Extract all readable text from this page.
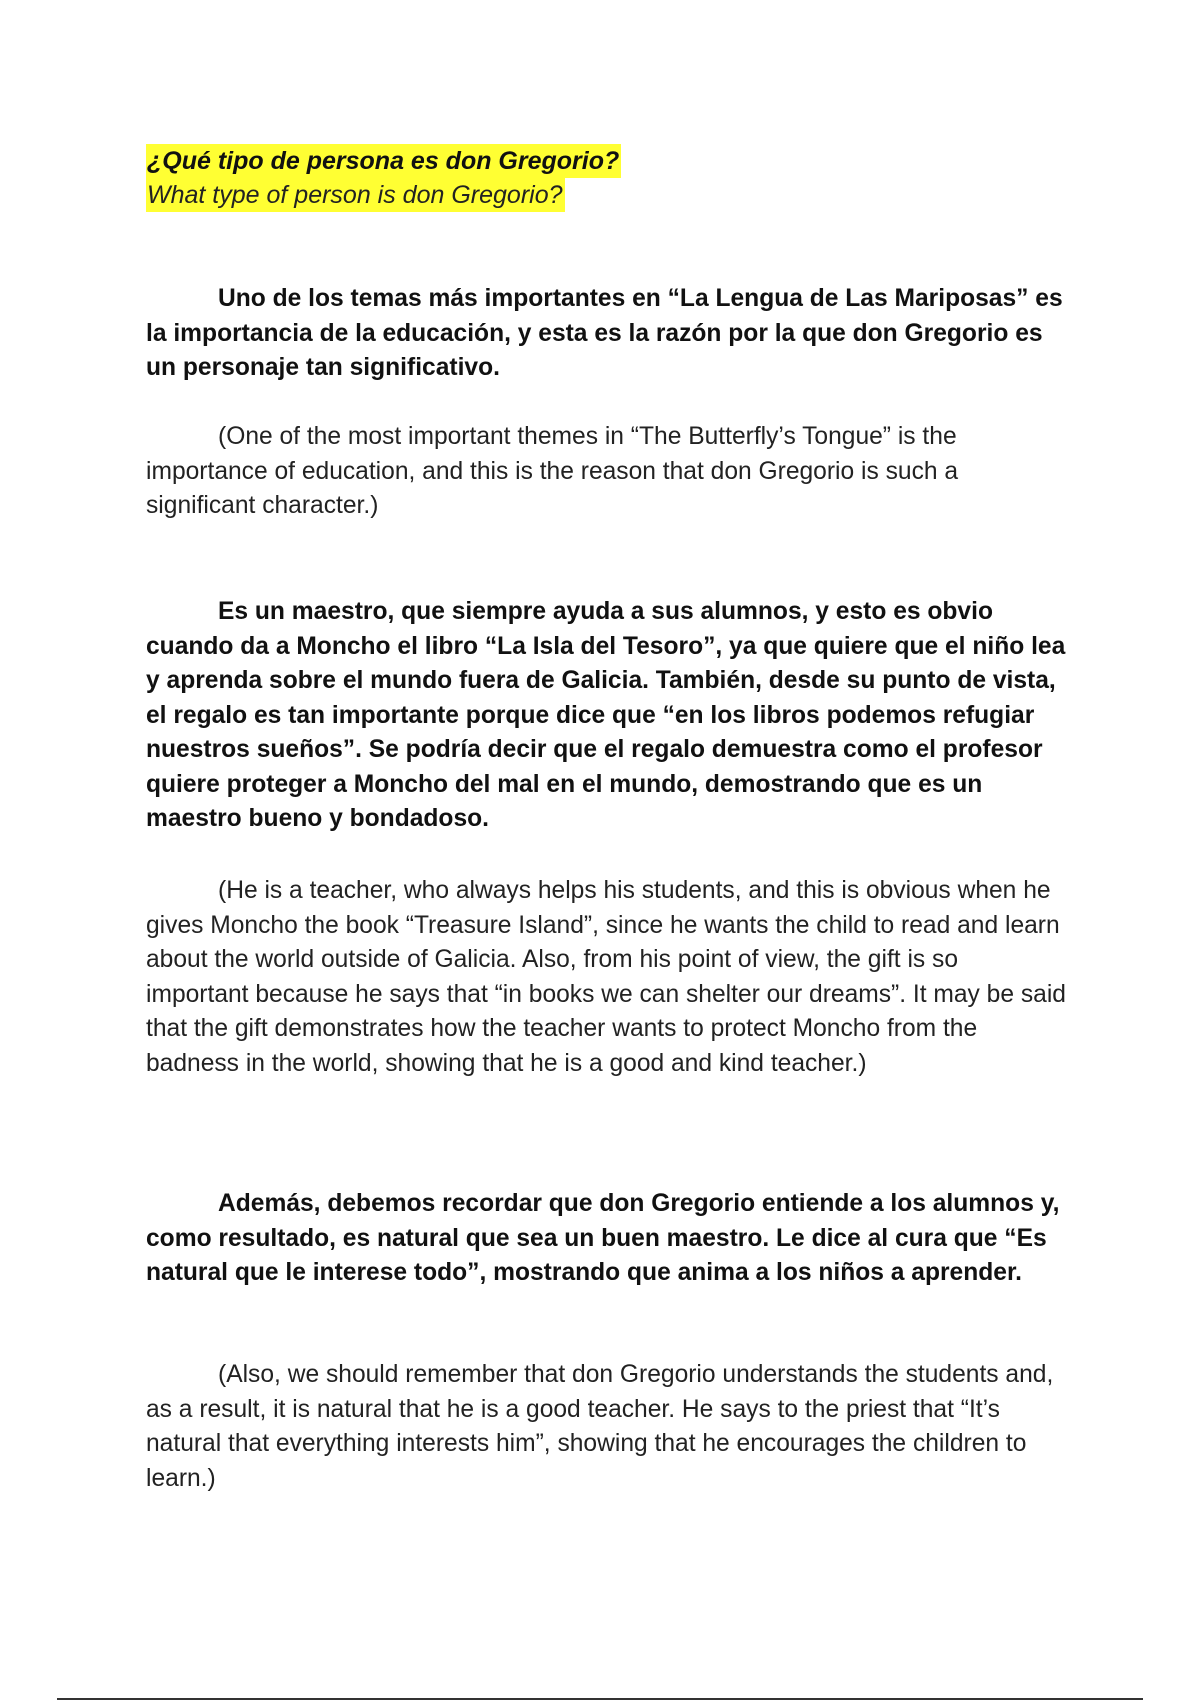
¿Qué tipo de persona es don Gregorio?
What type of person is don Gregorio?

Uno de los temas más importantes en “La Lengua de Las Mariposas” es la importancia de la educación, y esta es la razón por la que don Gregorio es un personaje tan significativo.

(One of the most important themes in “The Butterfly’s Tongue” is the importance of education, and this is the reason that don Gregorio is such a significant character.)

Es un maestro, que siempre ayuda a sus alumnos, y esto es obvio cuando da a Moncho el libro “La Isla del Tesoro”, ya que quiere que el niño lea y aprenda sobre el mundo fuera de Galicia. También, desde su punto de vista, el regalo es tan importante porque dice que “en los libros podemos refugiar nuestros sueños”. Se podría decir que el regalo demuestra como el profesor quiere proteger a Moncho del mal en el mundo, demostrando que es un maestro bueno y bondadoso.

(He is a teacher, who always helps his students, and this is obvious when he gives Moncho the book “Treasure Island”, since he wants the child to read and learn about the world outside of Galicia. Also, from his point of view, the gift is so important because he says that “in books we can shelter our dreams”. It may be said that the gift demonstrates how the teacher wants to protect Moncho from the badness in the world, showing that he is a good and kind teacher.)

Además, debemos recordar que don Gregorio entiende a los alumnos y, como resultado, es natural que sea un buen maestro. Le dice al cura que “Es natural que le interese todo”, mostrando que anima a los niños a aprender.

(Also, we should remember that don Gregorio understands the students and, as a result, it is natural that he is a good teacher. He says to the priest that “It’s natural that everything interests him”, showing that he encourages the children to learn.)
